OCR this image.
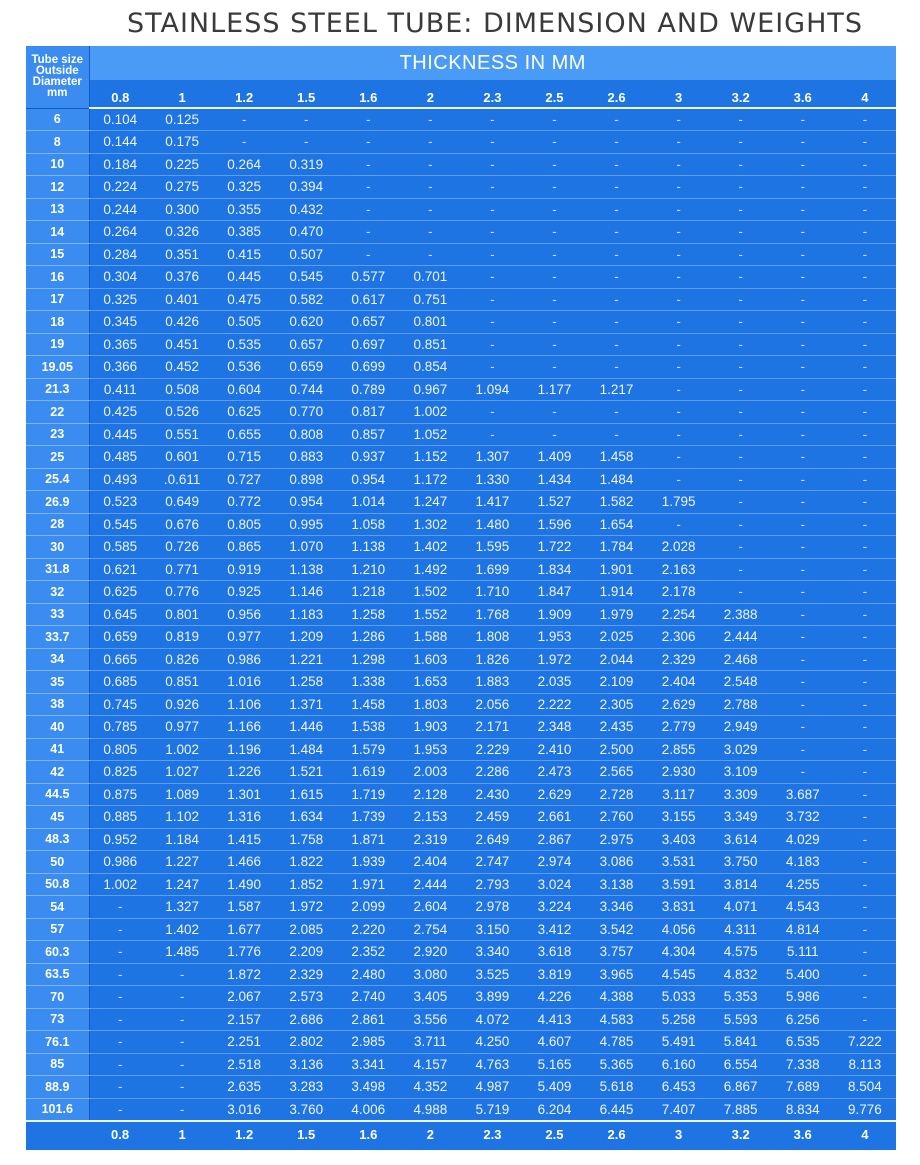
STAINLESS STEEL TUBE: DIMENSION AND WEIGHTS
Tube size
Outside
Diameter
mm	THICKNESS IN MM												
	0.8	1	1.2	1.5	1.6	2	2.3	2.5	2.6	3	3.2	3.6	4
6	0.104	0.125	-	-	-	-	-	-	-	-	-	-	-
8	0.144	0.175	-	-	-	-	-	-	-	-	-	-	-
10	0.184	0.225	0.264	0.319	-	-	-	-	-	-	-	-	-
12	0.224	0.275	0.325	0.394	-	-	-	-	-	-	-	-	-
13	0.244	0.300	0.355	0.432	-	-	-	-	-	-	-	-	-
14	0.264	0.326	0.385	0.470	-	-	-	-	-	-	-	-	-
15	0.284	0.351	0.415	0.507	-	-	-	-	-	-	-	-	-
16	0.304	0.376	0.445	0.545	0.577	0.701	-	-	-	-	-	-	-
17	0.325	0.401	0.475	0.582	0.617	0.751	-	-	-	-	-	-	-
18	0.345	0.426	0.505	0.620	0.657	0.801	-	-	-	-	-	-	-
19	0.365	0.451	0.535	0.657	0.697	0.851	-	-	-	-	-	-	-
19.05	0.366	0.452	0.536	0.659	0.699	0.854	-	-	-	-	-	-	-
21.3	0.411	0.508	0.604	0.744	0.789	0.967	1.094	1.177	1.217	-	-	-	-
22	0.425	0.526	0.625	0.770	0.817	1.002	-	-	-	-	-	-	-
23	0.445	0.551	0.655	0.808	0.857	1.052	-	-	-	-	-	-	-
25	0.485	0.601	0.715	0.883	0.937	1.152	1.307	1.409	1.458	-	-	-	-
25.4	0.493	.0.611	0.727	0.898	0.954	1.172	1.330	1.434	1.484	-	-	-	-
26.9	0.523	0.649	0.772	0.954	1.014	1.247	1.417	1.527	1.582	1.795	-	-	-
28	0.545	0.676	0.805	0.995	1.058	1.302	1.480	1.596	1.654	-	-	-	-
30	0.585	0.726	0.865	1.070	1.138	1.402	1.595	1.722	1.784	2.028	-	-	-
31.8	0.621	0.771	0.919	1.138	1.210	1.492	1.699	1.834	1.901	2.163	-	-	-
32	0.625	0.776	0.925	1.146	1.218	1.502	1.710	1.847	1.914	2.178	-	-	-
33	0.645	0.801	0.956	1.183	1.258	1.552	1.768	1.909	1.979	2.254	2.388	-	-
33.7	0.659	0.819	0.977	1.209	1.286	1.588	1.808	1.953	2.025	2.306	2.444	-	-
34	0.665	0.826	0.986	1.221	1.298	1.603	1.826	1.972	2.044	2.329	2.468	-	-
35	0.685	0.851	1.016	1.258	1.338	1.653	1.883	2.035	2.109	2.404	2.548	-	-
38	0.745	0.926	1.106	1.371	1.458	1.803	2.056	2.222	2.305	2.629	2.788	-	-
40	0.785	0.977	1.166	1.446	1.538	1.903	2.171	2.348	2.435	2.779	2.949	-	-
41	0.805	1.002	1.196	1.484	1.579	1.953	2.229	2.410	2.500	2.855	3.029	-	-
42	0.825	1.027	1.226	1.521	1.619	2.003	2.286	2.473	2.565	2.930	3.109	-	-
44.5	0.875	1.089	1.301	1.615	1.719	2.128	2.430	2.629	2.728	3.117	3.309	3.687	-
45	0.885	1.102	1.316	1.634	1.739	2.153	2.459	2.661	2.760	3.155	3.349	3.732	-
48.3	0.952	1.184	1.415	1.758	1.871	2.319	2.649	2.867	2.975	3.403	3.614	4.029	-
50	0.986	1.227	1.466	1.822	1.939	2.404	2.747	2.974	3.086	3.531	3.750	4.183	-
50.8	1.002	1.247	1.490	1.852	1.971	2.444	2.793	3.024	3.138	3.591	3.814	4.255	-
54	-	1.327	1.587	1.972	2.099	2.604	2.978	3.224	3.346	3.831	4.071	4.543	-
57	-	1.402	1.677	2.085	2.220	2.754	3.150	3.412	3.542	4.056	4.311	4.814	-
60.3	-	1.485	1.776	2.209	2.352	2.920	3.340	3.618	3.757	4.304	4.575	5.111	-
63.5	-	-	1.872	2.329	2.480	3.080	3.525	3.819	3.965	4.545	4.832	5.400	-
70	-	-	2.067	2.573	2.740	3.405	3.899	4.226	4.388	5.033	5.353	5.986	-
73	-	-	2.157	2.686	2.861	3.556	4.072	4.413	4.583	5.258	5.593	6.256	-
76.1	-	-	2.251	2.802	2.985	3.711	4.250	4.607	4.785	5.491	5.841	6.535	7.222
85	-	-	2.518	3.136	3.341	4.157	4.763	5.165	5.365	6.160	6.554	7.338	8.113
88.9	-	-	2.635	3.283	3.498	4.352	4.987	5.409	5.618	6.453	6.867	7.689	8.504
101.6	-	-	3.016	3.760	4.006	4.988	5.719	6.204	6.445	7.407	7.885	8.834	9.776
	0.8	1	1.2	1.5	1.6	2	2.3	2.5	2.6	3	3.2	3.6	4
